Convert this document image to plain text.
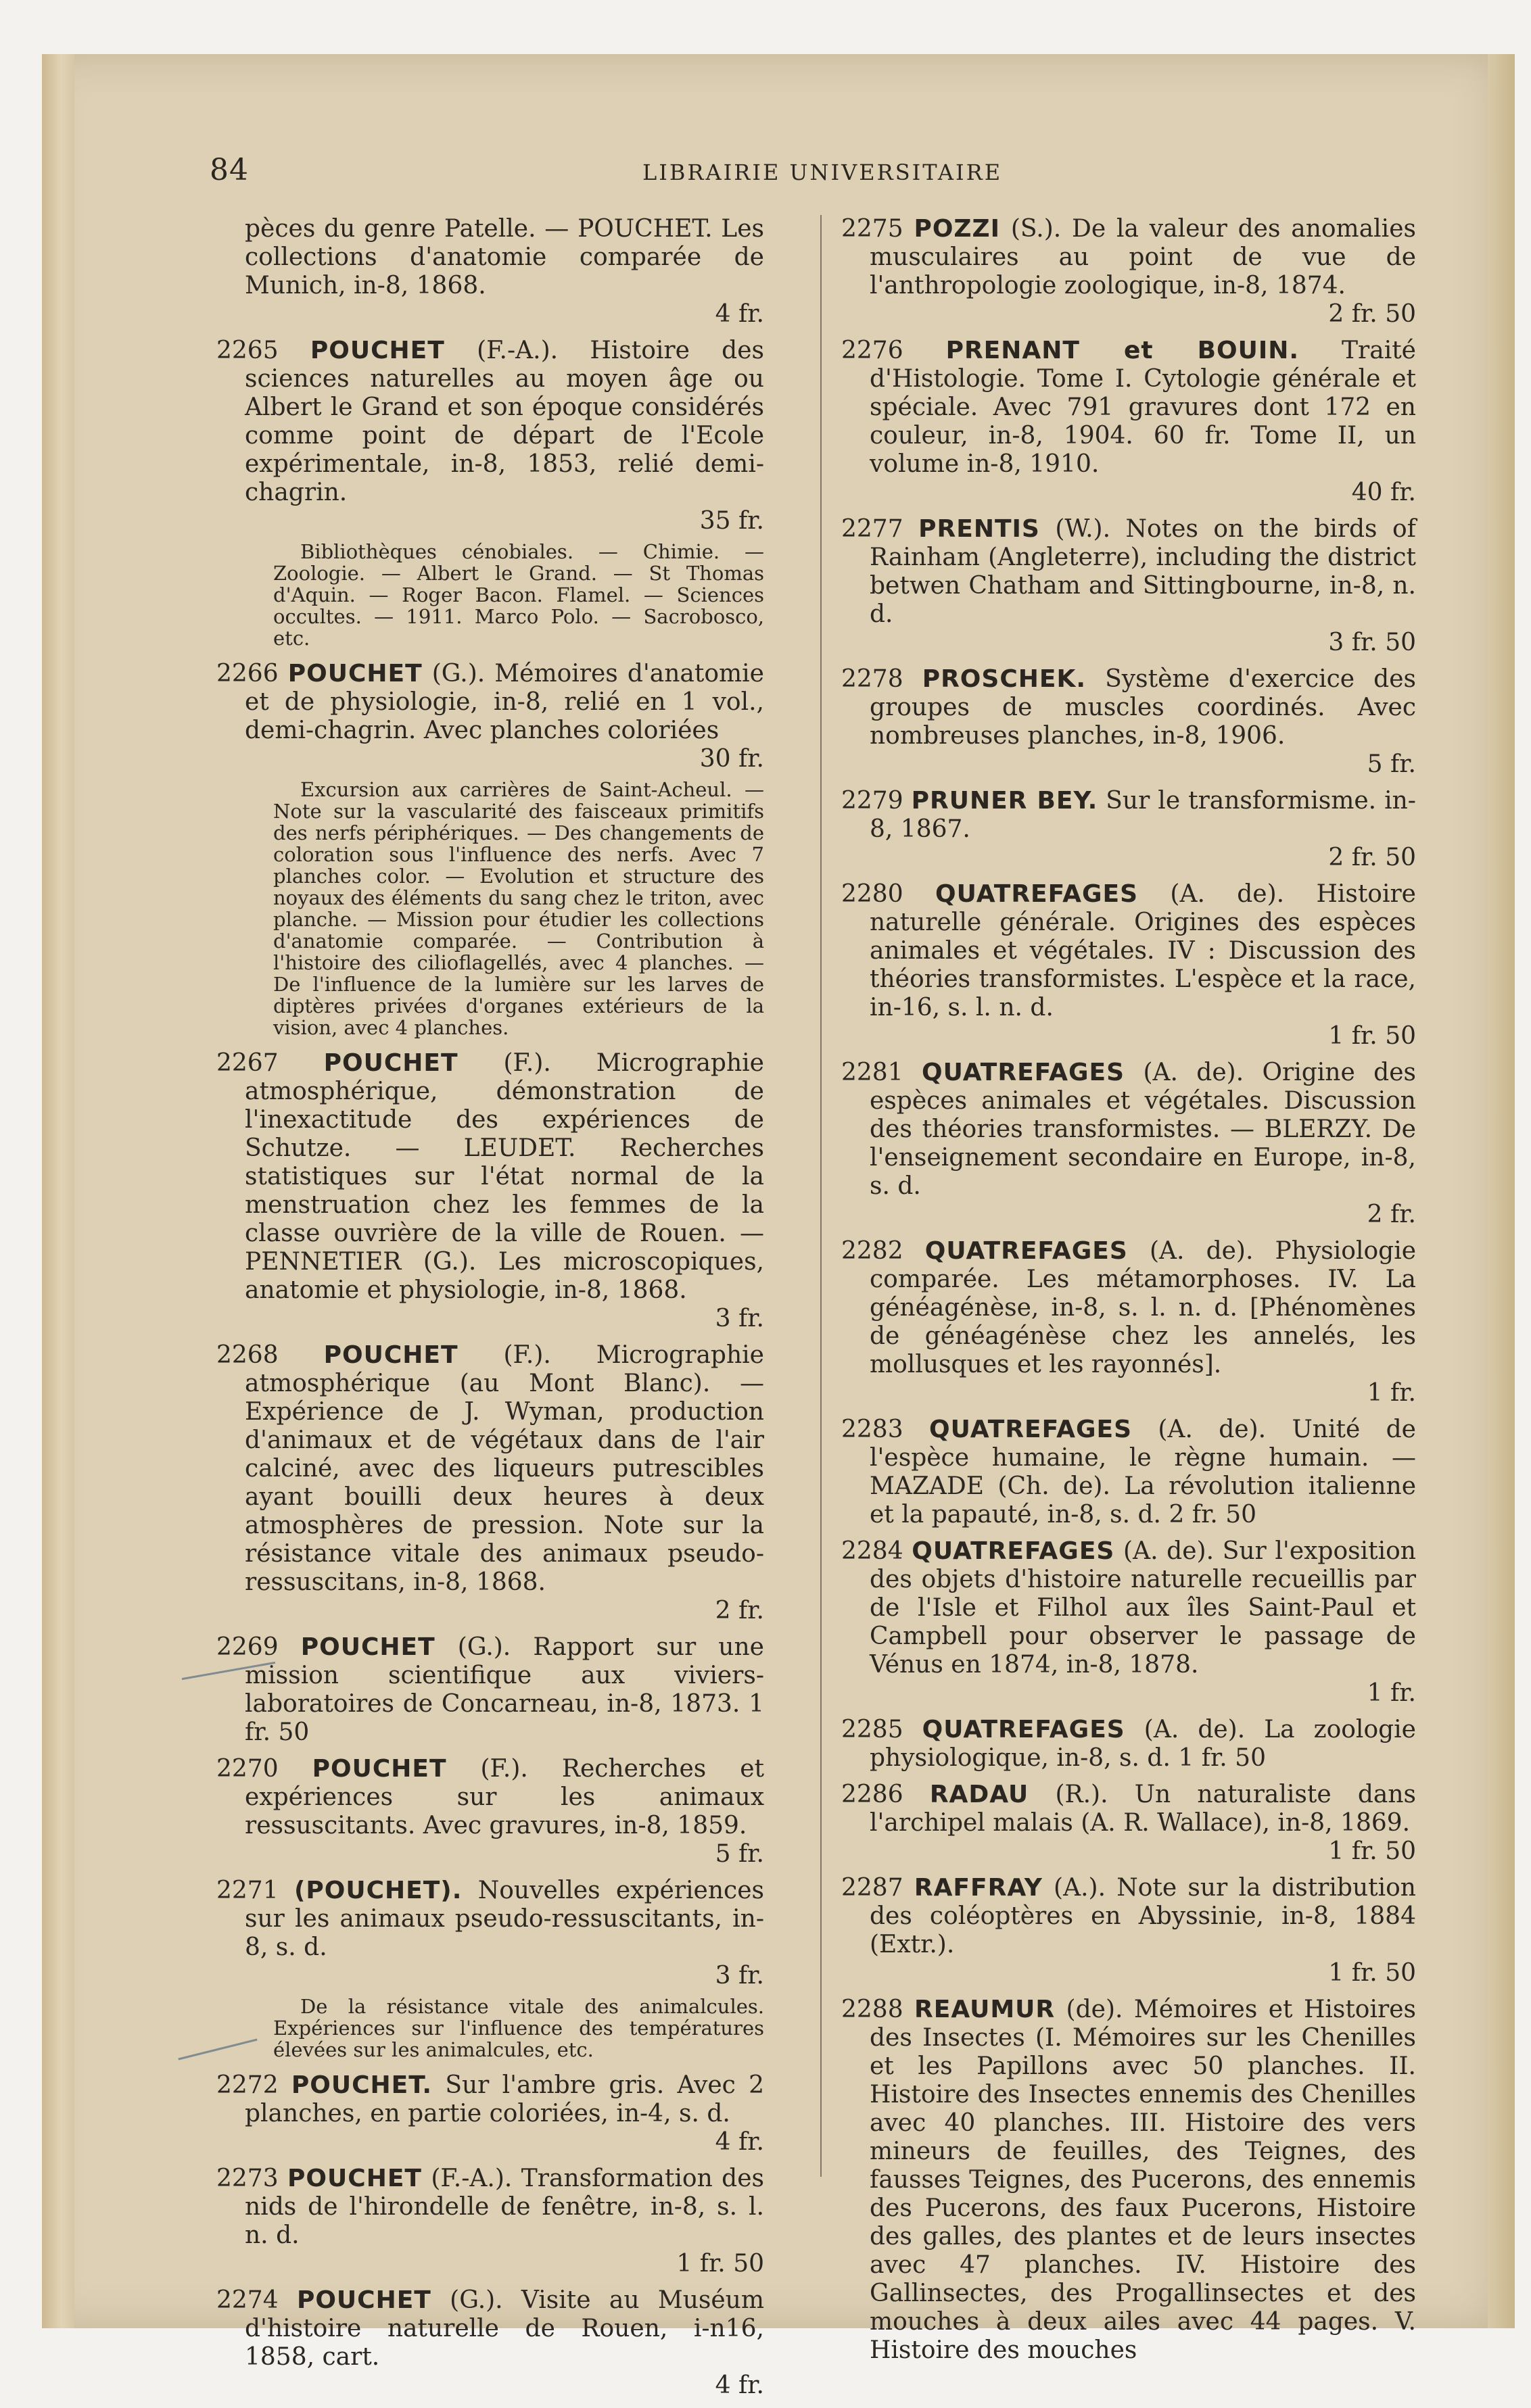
84	LIBRAIRIE UNIVERSITAIRE
pèces du genre Patelle. — POUCHET. Les collections d'anatomie comparée de Munich, in-8, 1868.
4 fr.
2265 POUCHET (F.-A.). Histoire des sciences naturelles au moyen âge ou Albert le Grand et son époque considérés comme point de départ de l'Ecole expérimentale, in-8, 1853, relié demi-chagrin.
35 fr.
Bibliothèques cénobiales. — Chimie. — Zoologie. — Albert le Grand. — St Thomas d'Aquin. — Roger Bacon. Flamel. — Sciences occultes. — 1911. Marco Polo. — Sacrobosco, etc.
2266 POUCHET (G.). Mémoires d'anatomie et de physiologie, in-8, relié en 1 vol., demi-chagrin. Avec planches coloriées
30 fr.
Excursion aux carrières de Saint-Acheul. — Note sur la vascularité des faisceaux primitifs des nerfs périphériques. — Des changements de coloration sous l'influence des nerfs. Avec 7 planches color. — Evolution et structure des noyaux des éléments du sang chez le triton, avec planche. — Mission pour étudier les collections d'anatomie comparée. — Contribution à l'histoire des cilioflagellés, avec 4 planches. — De l'influence de la lumière sur les larves de diptères privées d'organes extérieurs de la vision, avec 4 planches.
2267 POUCHET (F.). Micrographie atmosphérique, démonstration de l'inexactitude des expériences de Schutze. — LEUDET. Recherches statistiques sur l'état normal de la menstruation chez les femmes de la classe ouvrière de la ville de Rouen. — PENNETIER (G.). Les microscopiques, anatomie et physiologie, in-8, 1868.
3 fr.
2268 POUCHET (F.). Micrographie atmosphérique (au Mont Blanc). — Expérience de J. Wyman, production d'animaux et de végétaux dans de l'air calciné, avec des liqueurs putrescibles ayant bouilli deux heures à deux atmosphères de pression. Note sur la résistance vitale des animaux pseudo-ressuscitans, in-8, 1868.
2 fr.
2269 POUCHET (G.). Rapport sur une mission scientifique aux viviers-laboratoires de Concarneau, in-8, 1873. 1 fr. 50
2270 POUCHET (F.). Recherches et expériences sur les animaux ressuscitants. Avec gravures, in-8, 1859.
5 fr.
2271 (POUCHET). Nouvelles expériences sur les animaux pseudo-ressuscitants, in-8, s. d.
3 fr.
De la résistance vitale des animalcules. Expériences sur l'influence des températures élevées sur les animalcules, etc.
2272 POUCHET. Sur l'ambre gris. Avec 2 planches, en partie coloriées, in-4, s. d.
4 fr.
2273 POUCHET (F.-A.). Transformation des nids de l'hirondelle de fenêtre, in-8, s. l. n. d.
1 fr. 50
2274 POUCHET (G.). Visite au Muséum d'histoire naturelle de Rouen, i-n16, 1858, cart.
4 fr.
2275 POZZI (S.). De la valeur des anomalies musculaires au point de vue de l'anthropologie zoologique, in-8, 1874.
2 fr. 50
2276 PRENANT et BOUIN. Traité d'Histologie. Tome I. Cytologie générale et spéciale. Avec 791 gravures dont 172 en couleur, in-8, 1904. 60 fr. Tome II, un volume in-8, 1910.
40 fr.
2277 PRENTIS (W.). Notes on the birds of Rainham (Angleterre), including the district betwen Chatham and Sittingbourne, in-8, n. d.
3 fr. 50
2278 PROSCHEK. Système d'exercice des groupes de muscles coordinés. Avec nombreuses planches, in-8, 1906.
5 fr.
2279 PRUNER BEY. Sur le transformisme. in-8, 1867.
2 fr. 50
2280 QUATREFAGES (A. de). Histoire naturelle générale. Origines des espèces animales et végétales. IV : Discussion des théories transformistes. L'espèce et la race, in-16, s. l. n. d.
1 fr. 50
2281 QUATREFAGES (A. de). Origine des espèces animales et végétales. Discussion des théories transformistes. — BLERZY. De l'enseignement secondaire en Europe, in-8, s. d.
2 fr.
2282 QUATREFAGES (A. de). Physiologie comparée. Les métamorphoses. IV. La généagénèse, in-8, s. l. n. d. [Phénomènes de généagénèse chez les annelés, les mollusques et les rayonnés].
1 fr.
2283 QUATREFAGES (A. de). Unité de l'espèce humaine, le règne humain. — MAZADE (Ch. de). La révolution italienne et la papauté, in-8, s. d. 2 fr. 50
2284 QUATREFAGES (A. de). Sur l'exposition des objets d'histoire naturelle recueillis par de l'Isle et Filhol aux îles Saint-Paul et Campbell pour observer le passage de Vénus en 1874, in-8, 1878.
1 fr.
2285 QUATREFAGES (A. de). La zoologie physiologique, in-8, s. d. 1 fr. 50
2286 RADAU (R.). Un naturaliste dans l'archipel malais (A. R. Wallace), in-8, 1869.
1 fr. 50
2287 RAFFRAY (A.). Note sur la distribution des coléoptères en Abyssinie, in-8, 1884 (Extr.).
1 fr. 50
2288 REAUMUR (de). Mémoires et Histoires des Insectes (I. Mémoires sur les Chenilles et les Papillons avec 50 planches. II. Histoire des Insectes ennemis des Chenilles avec 40 planches. III. Histoire des vers mineurs de feuilles, des Teignes, des fausses Teignes, des Pucerons, des ennemis des Pucerons, des faux Pucerons, Histoire des galles, des plantes et de leurs insectes avec 47 planches. IV. Histoire des Gallinsectes, des Progallinsectes et des mouches à deux ailes avec 44 pages. V. Histoire des mouches
